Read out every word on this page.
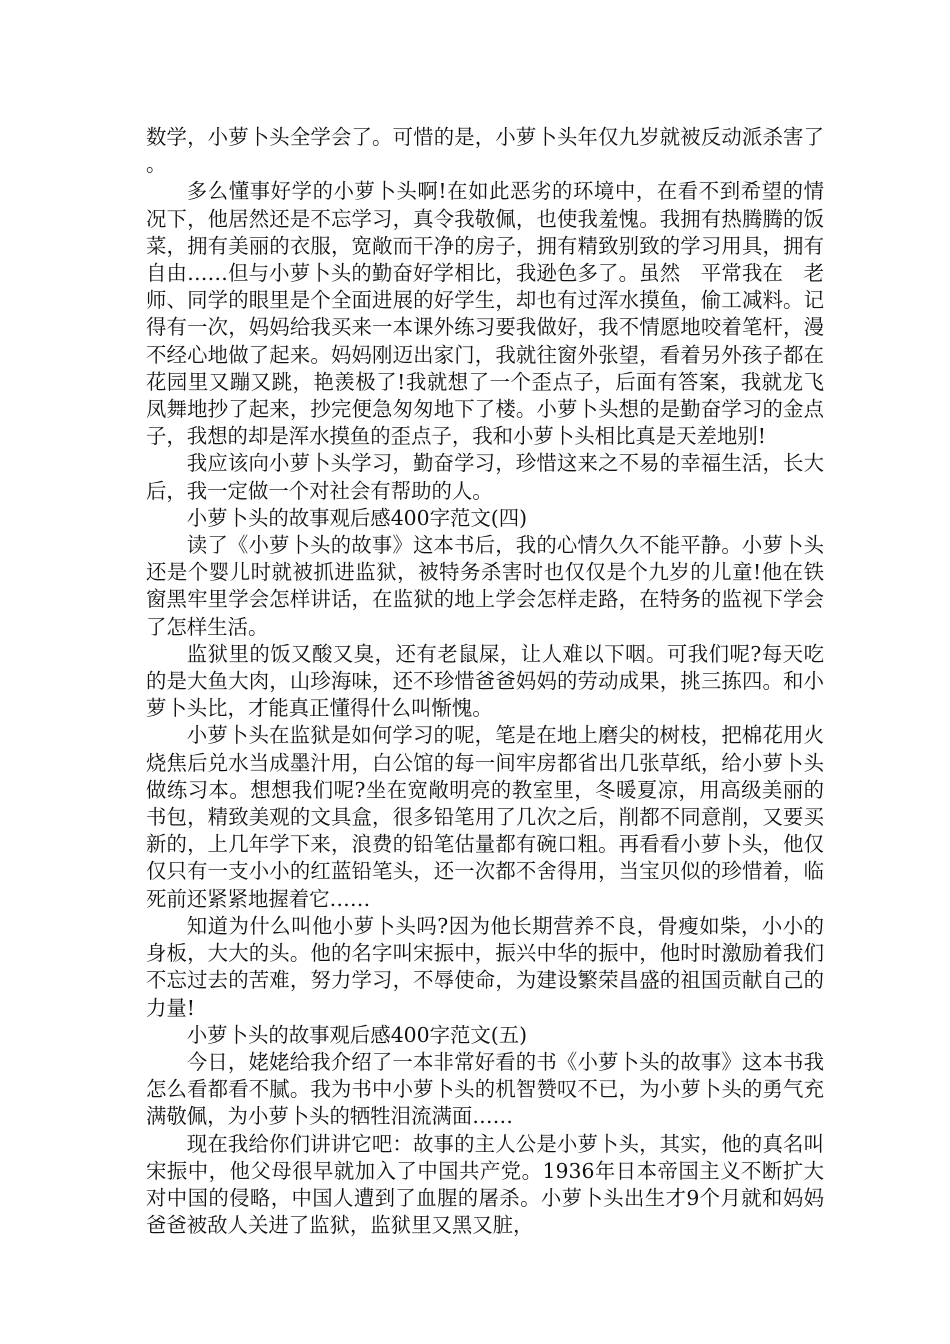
数学，小萝卜头全学会了。可惜的是，小萝卜头年仅九岁就被反动派杀害了。

多么懂事好学的小萝卜头啊!在如此恶劣的环境中，在看不到希望的情况下，他居然还是不忘学习，真令我敬佩，也使我羞愧。我拥有热腾腾的饭菜，拥有美丽的衣服，宽敞而干净的房子，拥有精致别致的学习用具，拥有自由……但与小萝卜头的勤奋好学相比，我逊色多了。虽然　平常我在　老师、同学的眼里是个全面进展的好学生，却也有过浑水摸鱼，偷工减料。记得有一次，妈妈给我买来一本课外练习要我做好，我不情愿地咬着笔杆，漫不经心地做了起来。妈妈刚迈出家门，我就往窗外张望，看着另外孩子都在花园里又蹦又跳，艳羡极了!我就想了一个歪点子，后面有答案，我就龙飞凤舞地抄了起来，抄完便急匆匆地下了楼。小萝卜头想的是勤奋学习的金点子，我想的却是浑水摸鱼的歪点子，我和小萝卜头相比真是天差地别!

我应该向小萝卜头学习，勤奋学习，珍惜这来之不易的幸福生活，长大后，我一定做一个对社会有帮助的人。

小萝卜头的故事观后感400字范文(四)

读了《小萝卜头的故事》这本书后，我的心情久久不能平静。小萝卜头还是个婴儿时就被抓进监狱，被特务杀害时也仅仅是个九岁的儿童!他在铁窗黑牢里学会怎样讲话，在监狱的地上学会怎样走路，在特务的监视下学会了怎样生活。

监狱里的饭又酸又臭，还有老鼠屎，让人难以下咽。可我们呢?每天吃的是大鱼大肉，山珍海味，还不珍惜爸爸妈妈的劳动成果，挑三拣四。和小萝卜头比，才能真正懂得什么叫惭愧。

小萝卜头在监狱是如何学习的呢，笔是在地上磨尖的树枝，把棉花用火烧焦后兑水当成墨汁用，白公馆的每一间牢房都省出几张草纸，给小萝卜头做练习本。想想我们呢?坐在宽敞明亮的教室里，冬暖夏凉，用高级美丽的书包，精致美观的文具盒，很多铅笔用了几次之后，削都不同意削，又要买新的，上几年学下来，浪费的铅笔估量都有碗口粗。再看看小萝卜头，他仅仅只有一支小小的红蓝铅笔头，还一次都不舍得用，当宝贝似的珍惜着，临死前还紧紧地握着它……

知道为什么叫他小萝卜头吗?因为他长期营养不良，骨瘦如柴，小小的身板，大大的头。他的名字叫宋振中，振兴中华的振中，他时时激励着我们不忘过去的苦难，努力学习，不辱使命，为建设繁荣昌盛的祖国贡献自己的力量!

小萝卜头的故事观后感400字范文(五)

今日，姥姥给我介绍了一本非常好看的书《小萝卜头的故事》这本书我怎么看都看不腻。我为书中小萝卜头的机智赞叹不已，为小萝卜头的勇气充满敬佩，为小萝卜头的牺牲泪流满面……

现在我给你们讲讲它吧：故事的主人公是小萝卜头，其实，他的真名叫宋振中，他父母很早就加入了中国共产党。1936年日本帝国主义不断扩大对中国的侵略，中国人遭到了血腥的屠杀。小萝卜头出生才9个月就和妈妈爸爸被敌人关进了监狱，监狱里又黑又脏，
